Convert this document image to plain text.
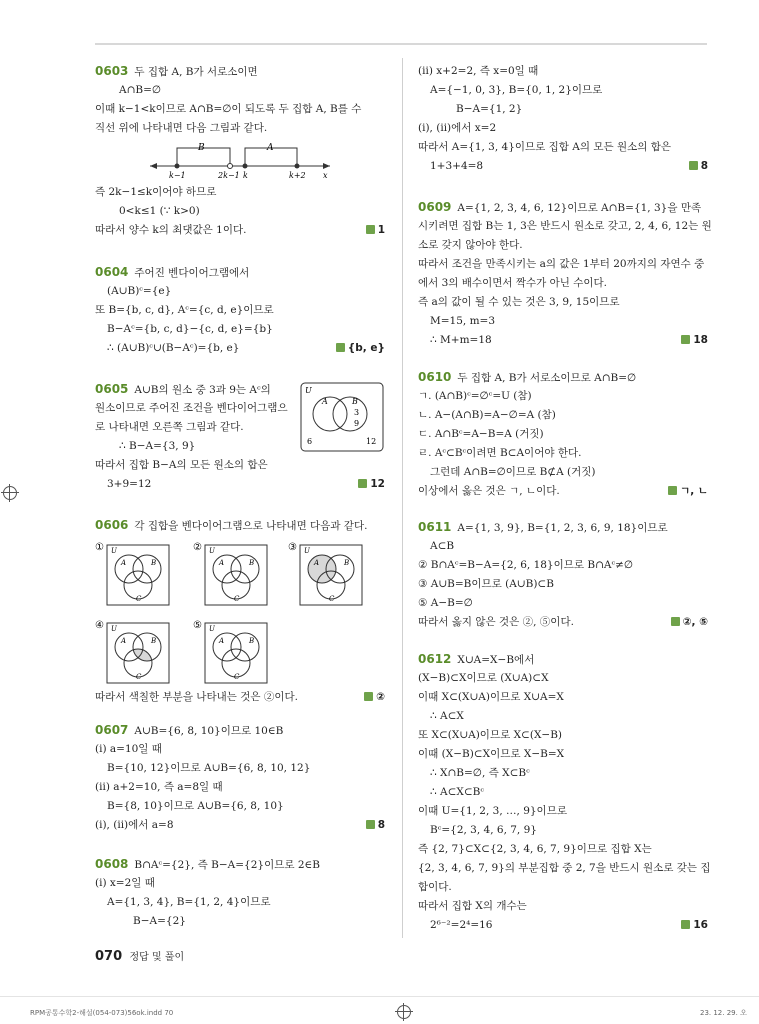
0603 두 집합 A, B가 서로소이면
A∩B=∅
이때 k−1<k이므로 A∩B=∅이 되도록 두 집합 A, B를 수
직선 위에 나타내면 다음 그림과 같다.
B	A
k−1	2k−1 k	k+2 x
즉 2k−1≤k이어야 하므로
0<k≤1 (∵ k>0)
따라서 양수 k의 최댓값은 1이다.	1
0604 주어진 벤다이어그램에서
(A∪B)ᶜ={e}
또 B={b, c, d}, Aᶜ={c, d, e}이므로
B−Aᶜ={b, c, d}−{c, d, e}={b}
∴ (A∪B)ᶜ∪(B−Aᶜ)={b, e}	{b, e}
0605 A∪B의 원소 중 3과 9는 Aᶜ의
원소이므로 주어진 조건을 벤다이어그램으
로 나타내면 오른쪽 그림과 같다.
∴ B−A={3, 9}
따라서 집합 B−A의 모든 원소의 합은
3+9=12	12
U
A	B
3
9
6	12
0606 각 집합을 벤다이어그램으로 나타내면 다음과 같다.
①	②	③
④	⑤
U
A	B
C
U
A	B
C
U
A	B
C
U
A	B
C
U
A	B
C
따라서 색칠한 부분을 나타내는 것은 ②이다.	②
0607 A∪B={6, 8, 10}이므로 10∈B
(ⅰ) a=10일 때
B={10, 12}이므로 A∪B={6, 8, 10, 12}
(ⅱ) a+2=10, 즉 a=8일 때
B={8, 10}이므로 A∪B={6, 8, 10}
(ⅰ), (ⅱ)에서 a=8	8
0608 B∩Aᶜ={2}, 즉 B−A={2}이므로 2∈B
(ⅰ) x=2일 때
A={1, 3, 4}, B={1, 2, 4}이므로
B−A={2}
(ⅱ) x+2=2, 즉 x=0일 때
A={−1, 0, 3}, B={0, 1, 2}이므로
B−A={1, 2}
(ⅰ), (ⅱ)에서 x=2
따라서 A={1, 3, 4}이므로 집합 A의 모든 원소의 합은
1+3+4=8	8
0609 A={1, 2, 3, 4, 6, 12}이므로 A∩B={1, 3}을 만족
시키려면 집합 B는 1, 3은 반드시 원소로 갖고, 2, 4, 6, 12는 원
소로 갖지 않아야 한다.
따라서 조건을 만족시키는 a의 값은 1부터 20까지의 자연수 중
에서 3의 배수이면서 짝수가 아닌 수이다.
즉 a의 값이 될 수 있는 것은 3, 9, 15이므로
M=15, m=3
∴ M+m=18	18
0610 두 집합 A, B가 서로소이므로 A∩B=∅
ㄱ. (A∩B)ᶜ=∅ᶜ=U (참)
ㄴ. A−(A∩B)=A−∅=A (참)
ㄷ. A∩Bᶜ=A−B=A (거짓)
ㄹ. Aᶜ⊂Bᶜ이려면 B⊂A이어야 한다.
그런데 A∩B=∅이므로 B⊄A (거짓)
이상에서 옳은 것은 ㄱ, ㄴ이다.	ㄱ, ㄴ
0611 A={1, 3, 9}, B={1, 2, 3, 6, 9, 18}이므로
A⊂B
② B∩Aᶜ=B−A={2, 6, 18}이므로 B∩Aᶜ≠∅
③ A∪B=B이므로 (A∪B)⊂B
⑤ A−B=∅
따라서 옳지 않은 것은 ②, ⑤이다.	②, ⑤
0612 X∪A=X−B에서
(X−B)⊂X이므로 (X∪A)⊂X
이때 X⊂(X∪A)이므로 X∪A=X
∴ A⊂X
또 X⊂(X∪A)이므로 X⊂(X−B)
이때 (X−B)⊂X이므로 X−B=X
∴ X∩B=∅, 즉 X⊂Bᶜ
∴ A⊂X⊂Bᶜ
이때 U={1, 2, 3, …, 9}이므로
Bᶜ={2, 3, 4, 6, 7, 9}
즉 {2, 7}⊂X⊂{2, 3, 4, 6, 7, 9}이므로 집합 X는
{2, 3, 4, 6, 7, 9}의 부분집합 중 2, 7을 반드시 원소로 갖는 집
합이다.
따라서 집합 X의 개수는
2⁶⁻²=2⁴=16	16
070 정답 및 풀이
RPM공통수학2-해설(054-073)56ok.indd 70	23. 12. 29. 오
